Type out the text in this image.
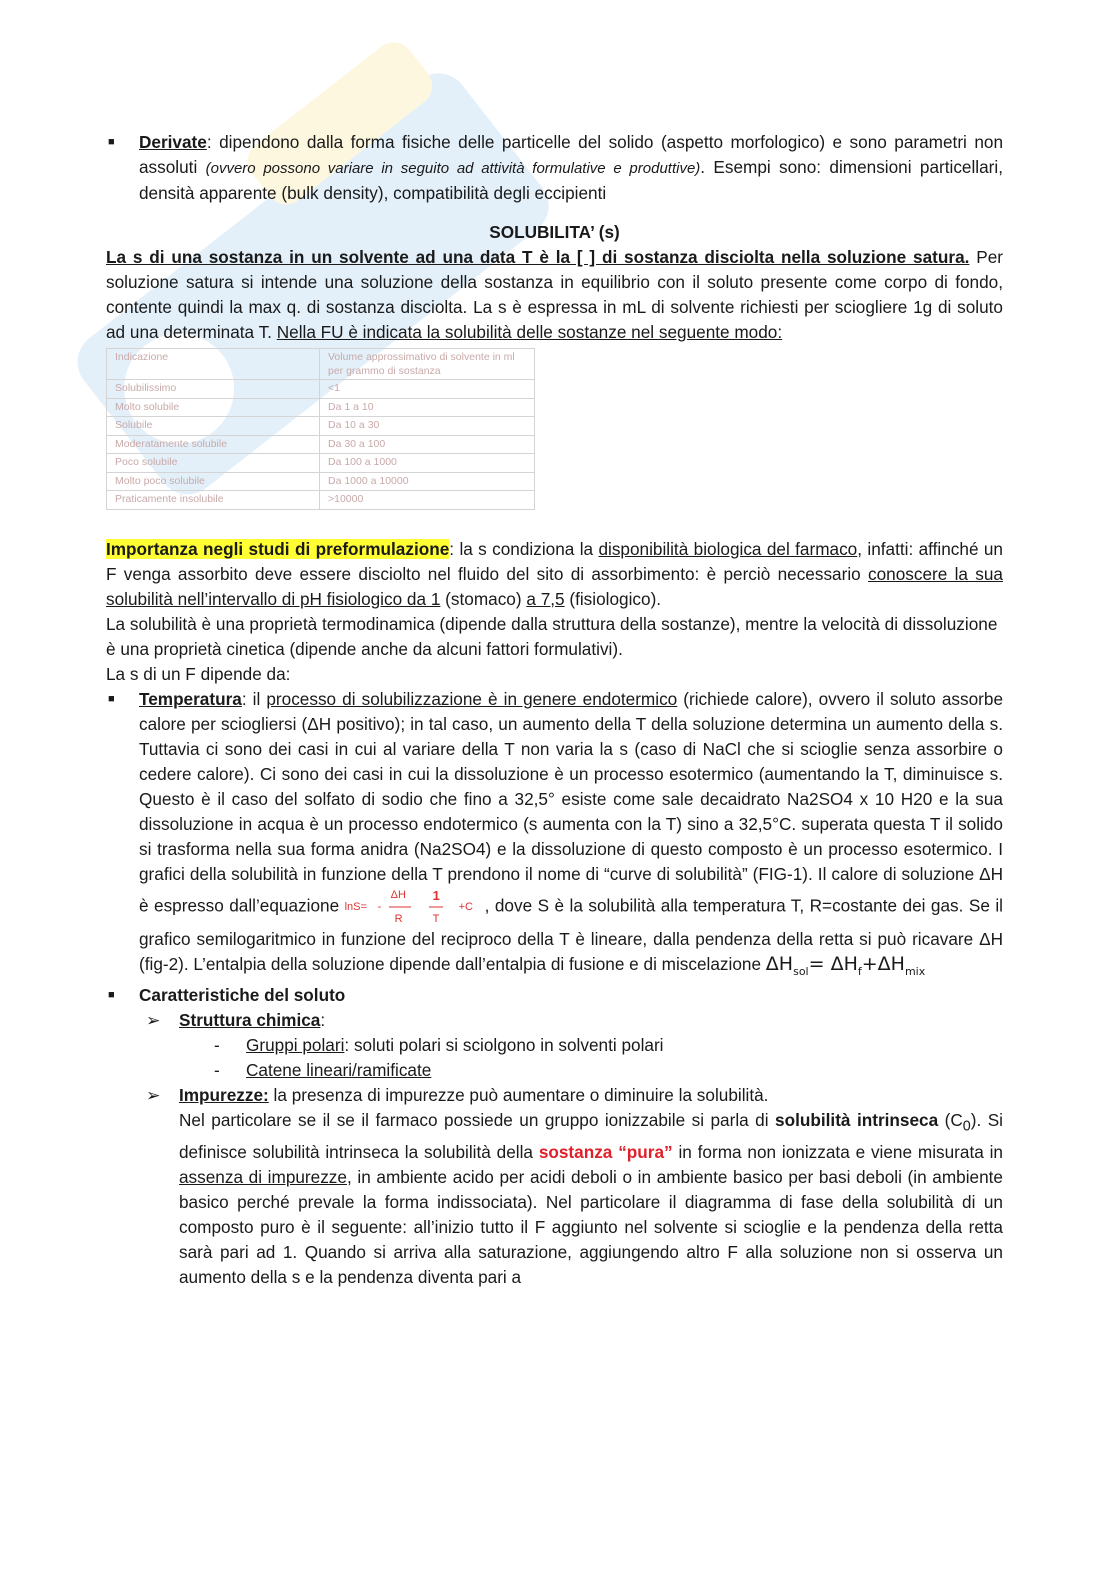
■ Derivate: dipendono dalla forma fisiche delle particelle del solido (aspetto morfologico) e sono parametri non assoluti (ovvero possono variare in seguito ad attività formulative e produttive). Esempi sono: dimensioni particellari, densità apparente (bulk density), compatibilità degli eccipienti

SOLUBILITA’ (s)

La s di una sostanza in un solvente ad una data T è la [ ] di sostanza disciolta nella soluzione satura. Per soluzione satura si intende una soluzione della sostanza in equilibrio con il soluto presente come corpo di fondo, contente quindi la max q. di sostanza disciolta. La s è espressa in mL di solvente richiesti per sciogliere 1g di soluto ad una determinata T. Nella FU è indicata la solubilità delle sostanze nel seguente modo:

Indicazione	Volume approssimativo di solvente in ml per grammo di sostanza
Solubilissimo	<1
Molto solubile	Da 1 a 10
Solubile	Da 10 a 30
Moderatamente solubile	Da 30 a 100
Poco solubile	Da 100 a 1000
Molto poco solubile	Da 1000 a 10000
Praticamente insolubile	>10000

Importanza negli studi di preformulazione: la s condiziona la disponibilità biologica del farmaco, infatti: affinché un F venga assorbito deve essere disciolto nel fluido del sito di assorbimento: è perciò necessario conoscere la sua solubilità nell’intervallo di pH fisiologico da 1 (stomaco) a 7,5 (fisiologico).

La solubilità è una proprietà termodinamica (dipende dalla struttura della sostanze), mentre la velocità di dissoluzione è una proprietà cinetica (dipende anche da alcuni fattori formulativi).

La s di un F dipende da:

■ Temperatura: il processo di solubilizzazione è in genere endotermico (richiede calore), ovvero il soluto assorbe calore per sciogliersi (ΔH positivo); in tal caso, un aumento della T della soluzione determina un aumento della s. Tuttavia ci sono dei casi in cui al variare della T non varia la s (caso di NaCl che si scioglie senza assorbire o cedere calore). Ci sono dei casi in cui la dissoluzione è un processo esotermico (aumentando la T, diminuisce s. Questo è il caso del solfato di sodio che fino a 32,5° esiste come sale decaidrato Na2SO4 x 10 H20 e la sua dissoluzione in acqua è un processo endotermico (s aumenta con la T) sino a 32,5°C. superata questa T il solido si trasforma nella sua forma anidra (Na2SO4) e la dissoluzione di questo composto è un processo esotermico. I grafici della solubilità in funzione della T prendono il nome di “curve di solubilità” (FIG-1). Il calore di soluzione ΔH è espresso dall’equazione lnS= -
ΔH
R
1
T
+C , dove S è la solubilità alla temperatura T, R=costante dei gas. Se il grafico semilogaritmico in funzione del reciproco della T è lineare, dalla pendenza della retta si può ricavare ΔH (fig-2). L’entalpia della soluzione dipende dall’entalpia di fusione e di miscelazione $\Delta H_{sol}= \Delta H_f+\Delta H_{mix}$

■ Caratteristiche del soluto

➢ Struttura chimica:

- Gruppi polari: soluti polari si sciolgono in solventi polari

- Catene lineari/ramificate

➢ Impurezze: la presenza di impurezze può aumentare o diminuire la solubilità.

Nel particolare se il se il farmaco possiede un gruppo ionizzabile si parla di solubilità intrinseca $(C_0)$. Si definisce solubilità intrinseca la solubilità della sostanza “pura” in forma non ionizzata e viene misurata in assenza di impurezze, in ambiente acido per acidi deboli o in ambiente basico per basi deboli (in ambiente basico perché prevale la forma indissociata). Nel particolare il diagramma di fase della solubilità di un composto puro è il seguente: all’inizio tutto il F aggiunto nel solvente si scioglie e la pendenza della retta sarà pari ad 1. Quando si arriva alla saturazione, aggiungendo altro F alla soluzione non si osserva un aumento della s e la pendenza diventa pari a
